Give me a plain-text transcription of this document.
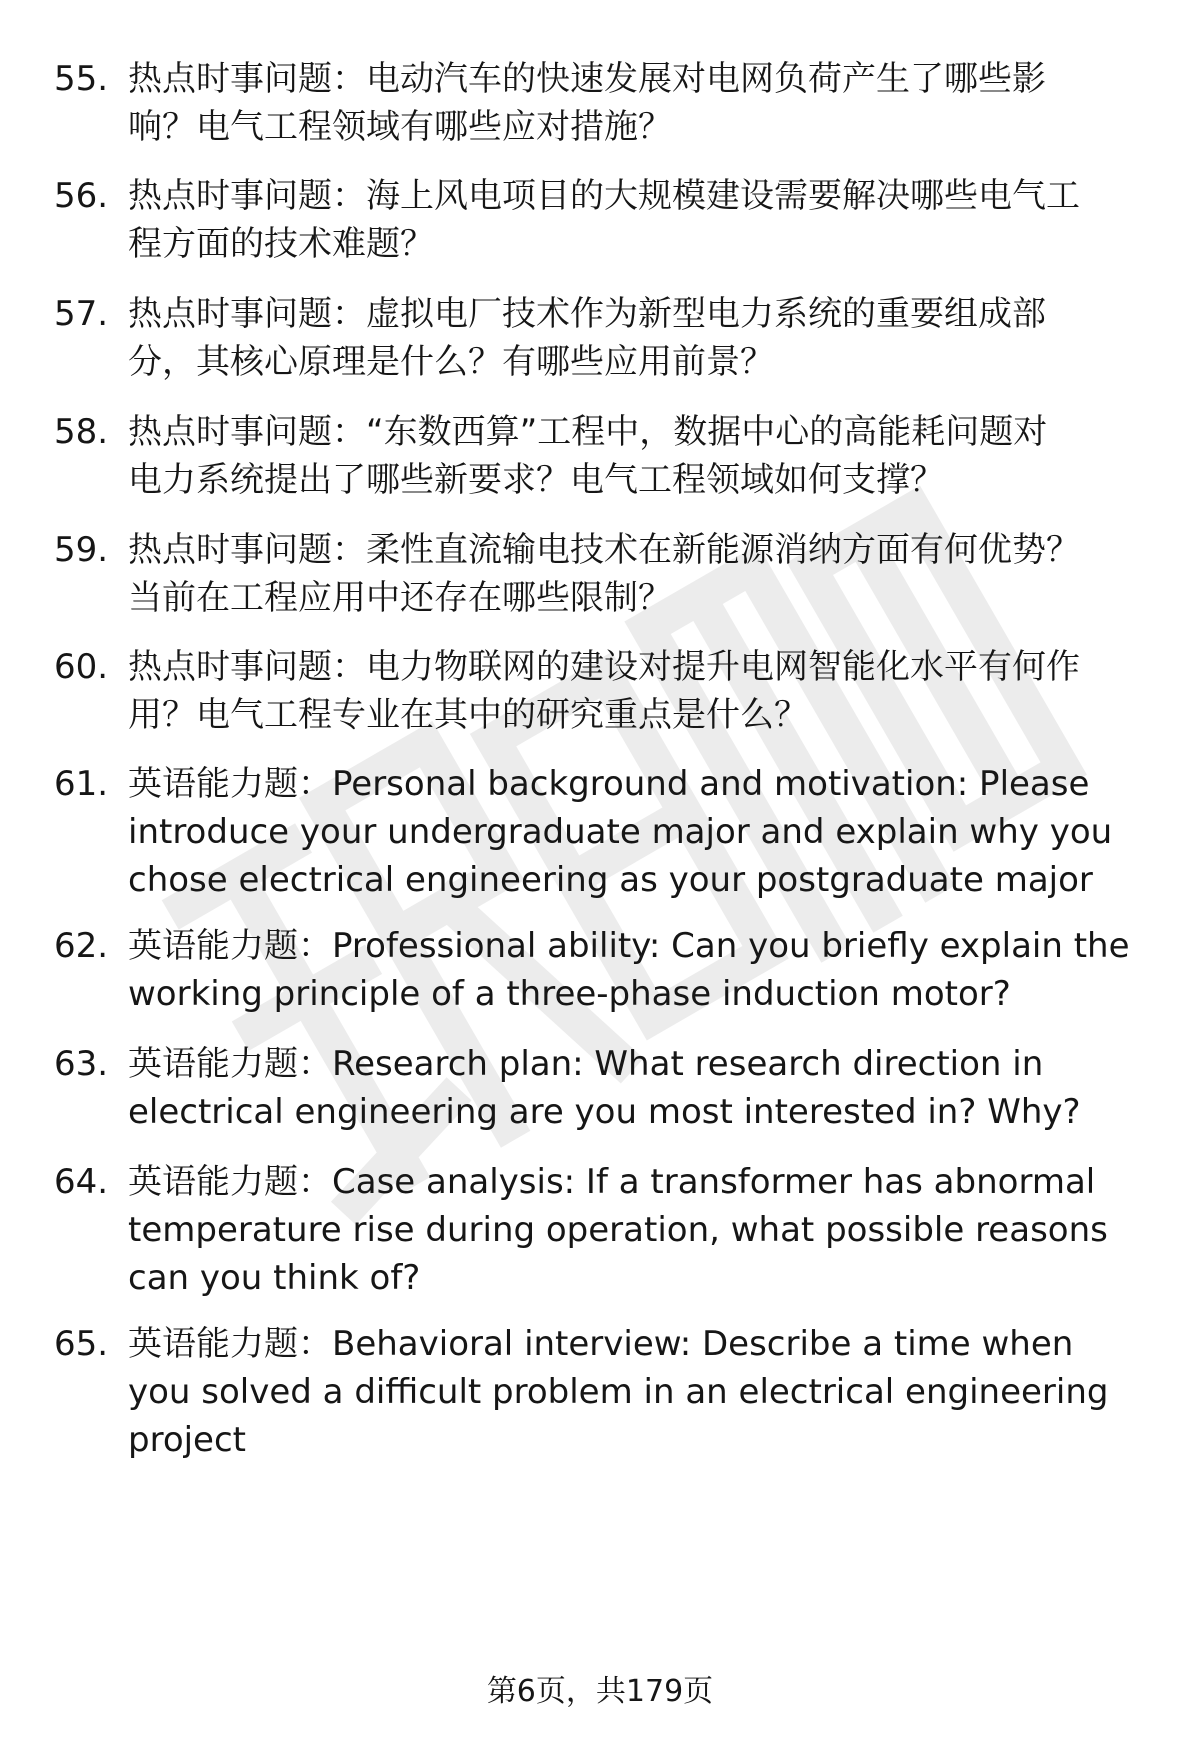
55. 热点时事问题：电动汽车的快速发展对电网负荷产生了哪些影
响？电气工程领域有哪些应对措施？
56. 热点时事问题：海上风电项目的大规模建设需要解决哪些电气工
程方面的技术难题？
57. 热点时事问题：虚拟电厂技术作为新型电力系统的重要组成部
分，其核心原理是什么？有哪些应用前景？
58. 热点时事问题：“东数西算”工程中，数据中心的高能耗问题对
电力系统提出了哪些新要求？电气工程领域如何支撑？
59. 热点时事问题：柔性直流输电技术在新能源消纳方面有何优势？
当前在工程应用中还存在哪些限制？
60. 热点时事问题：电力物联网的建设对提升电网智能化水平有何作
用？电气工程专业在其中的研究重点是什么？
61. 英语能力题：Personal background and motivation: Please
introduce your undergraduate major and explain why you
chose electrical engineering as your postgraduate major
62. 英语能力题：Professional ability: Can you briefly explain the
working principle of a three-phase induction motor?
63. 英语能力题：Research plan: What research direction in
electrical engineering are you most interested in? Why?
64. 英语能力题：Case analysis: If a transformer has abnormal
temperature rise during operation, what possible reasons
can you think of?
65. 英语能力题：Behavioral interview: Describe a time when
you solved a difficult problem in an electrical engineering
project
第6页，共179页
